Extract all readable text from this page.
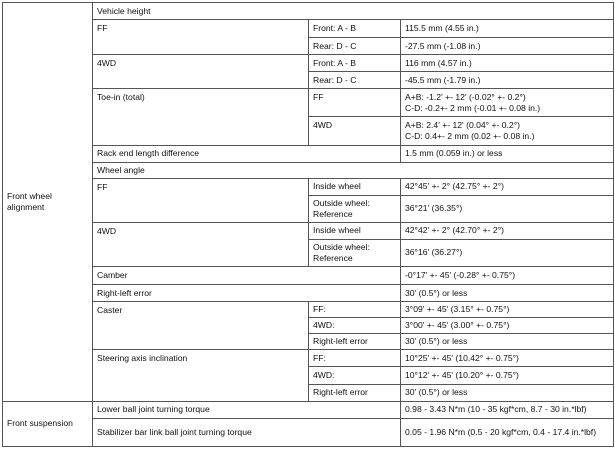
Front wheel alignment	Vehicle height		
	FF	Front: A - B	115.5 mm (4.55 in.)
		Rear: D - C	-27.5 mm (-1.08 in.)
	4WD	Front: A - B	116 mm (4.57 in.)
		Rear: D - C	-45.5 mm (-1.79 in.)
	Toe-in (total)	FF	A+B: -1.2' +- 12' (-0.02° +- 0.2°)
C-D: -0.2+- 2 mm (-0.01 +- 0.08 in.)

		4WD	A+B: 2.4' +- 12' (0.04° +- 0.2°)
C-D: 0.4+- 2 mm (0.02 +- 0.08 in.)

	Rack end length difference		1.5 mm (0.059 in.) or less
	Wheel angle		
	FF	Inside wheel	42°45' +- 2° (42.75° +- 2°)
		Outside wheel: Reference	36°21' (36.35°)
	4WD	Inside wheel	42°42' +- 2° (42.70° +- 2°)
		Outside wheel: Reference	36°16' (36.27°)
	Camber		-0°17' +- 45' (-0.28° +- 0.75°)
	Right-left error		30' (0.5°) or less
	Caster	FF:	3°09' +- 45' (3.15° +- 0.75°)
		4WD:	3°00' +- 45' (3.00° +- 0.75°)
		Right-left error	30' (0.5°) or less
	Steering axis inclination	FF:	10°25' +- 45' (10.42° +- 0.75°)
		4WD:	10°12' +- 45' (10.20° +- 0.75°)
		Right-left error	30' (0.5°) or less
Front suspension	Lower ball joint turning torque		0.98 - 3.43 N*m (10 - 35 kgf*cm, 8.7 - 30 in.*lbf)
	Stabilizer bar link ball joint turning torque		0.05 - 1.96 N*m (0.5 - 20 kgf*cm, 0.4 - 17.4 in.*lbf)
